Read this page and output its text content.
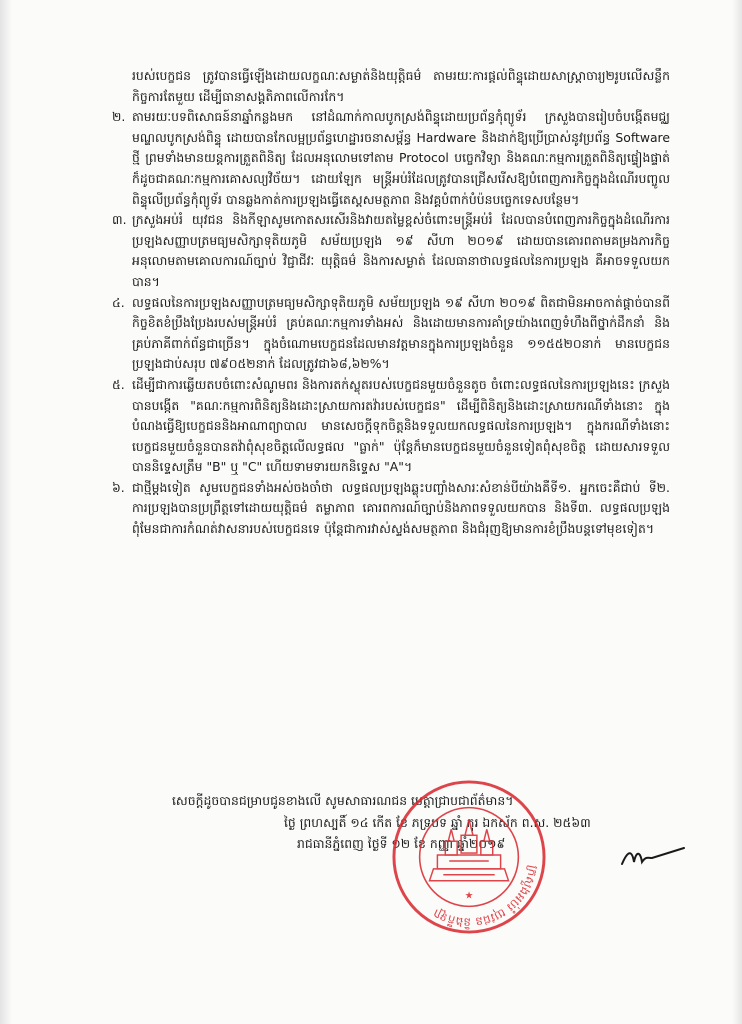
របស់បេក្ខជន ត្រូវបានធ្វើឡើងដោយលក្ខណៈសម្ងាត់និងយុត្តិធម៌ តាមរយៈការផ្ដល់ពិន្ទុដោយសាស្ត្រាចារ្យ២រូបលើសន្លឹកកិច្ចការតែមួយ ដើម្បីធានាសង្គតិភាពលើការកែ។

២. តាមរយៈបទពិសោធន៍នាឆ្នាំកន្លងមក នៅដំណាក់កាលបូកស្រង់ពិន្ទុដោយប្រព័ន្ធកុំព្យូទ័រ ក្រសួងបានរៀបចំបង្កើតមជ្ឈមណ្ឌលបូកស្រង់ពិន្ទុ ដោយបានកែលម្អប្រព័ន្ធហេដ្ឋារចនាសម្ព័ន្ធ Hardware និងដាក់ឱ្យប្រើប្រាស់នូវប្រព័ន្ធ Software ថ្មី ព្រមទាំងមានយន្តការត្រួតពិនិត្យ ដែលអនុលោមទៅតាម Protocol បច្ចេកវិទ្យា និងគណៈកម្មការត្រួតពិនិត្យផ្ទៀងផ្ទាត់ ក៏ដូចជាគណៈកម្មការគោសល្យវិច័យ។ ដោយឡែក មន្ត្រីអប់រំដែលត្រូវបានជ្រើសរើសឱ្យបំពេញភារកិច្ចក្នុងដំណើរបញ្ចូលពិន្ទុលើប្រព័ន្ធកុំព្យូទ័រ បានឆ្លងកាត់ការប្រឡងធ្វើតេស្តសមត្ថភាព និងវគ្គបំពាក់បំប៉នបច្ចេកទេសបន្ថែម។

៣. ក្រសួងអប់រំ យុវជន និងកីឡាសូមកោតសរសើរនិងវាយតម្លៃខ្ពស់ចំពោះមន្ត្រីអប់រំ ដែលបានបំពេញភារកិច្ចក្នុងដំណើរការប្រឡងសញ្ញាបត្រមធ្យមសិក្សាទុតិយភូមិ សម័យប្រឡង ១៩ សីហា ២០១៩ ដោយបានគោរពតាមគម្រងភារកិច្ច អនុលោមតាមគោលការណ៍ច្បាប់ វិជ្ជាជីវៈ យុត្តិធម៌ និងការសម្ងាត់ ដែលធានាថាលទ្ធផលនៃការប្រឡង គឺអាចទទួលយកបាន។

៤. លទ្ធផលនៃការប្រឡងសញ្ញាបត្រមធ្យមសិក្សាទុតិយភូមិ សម័យប្រឡង ១៩ សីហា ២០១៩ ពិតជាមិនអាចកាត់ផ្តាច់បានពីកិច្ចខិតខំប្រឹងប្រែងរបស់មន្ត្រីអប់រំ គ្រប់គណៈកម្មការទាំងអស់ និងដោយមានការគាំទ្រយ៉ាងពេញទំហឹងពីថ្នាក់ដឹកនាំ និងគ្រប់ភាគីពាក់ព័ន្ធជាច្រើន។ ក្នុងចំណោមបេក្ខជនដែលមានវត្តមានក្នុងការប្រឡងចំនួន ១១៥៥២០នាក់ មានបេក្ខជនប្រឡងជាប់សរុប ៧៩០៥២នាក់ ដែលត្រូវជា៦៨,៦២%។

៥. ដើម្បីជាការឆ្លើយតបចំពោះសំណូមពរ និងការតក់ស្លុតរបស់បេក្ខជនមួយចំនួនតូច ចំពោះលទ្ធផលនៃការប្រឡងនេះ ក្រសួងបានបង្កើត "គណៈកម្មការពិនិត្យនិងដោះស្រាយការតវ៉ារបស់បេក្ខជន" ដើម្បីពិនិត្យនិងដោះស្រាយករណីទាំងនោះ ក្នុងបំណងធ្វើឱ្យបេក្ខជននិងអាណាព្យាបាល មានសេចក្ដីទុកចិត្តនិងទទួលយកលទ្ធផលនៃការប្រឡង។ ក្នុងករណីទាំងនោះ បេក្ខជនមួយចំនួនបានតវ៉ាពុំសុខចិត្តលើលទ្ធផល "ធ្លាក់" ប៉ុន្តែក៏មានបេក្ខជនមួយចំនួនទៀតពុំសុខចិត្ត ដោយសារទទួលបាននិទ្ទេសត្រឹម "B" ឬ "C" ហើយទាមទារយកនិទ្ទេស "A"។

៦. ជាថ្មីម្តងទៀត សូមបេក្ខជនទាំងអស់ចងចាំថា លទ្ធផលប្រឡងឆ្លុះបញ្ចាំងសារៈសំខាន់បីយ៉ាងគឺទី១. អ្នកចេះគឺជាប់ ទី២. ការប្រឡងបានប្រព្រឹត្តទៅដោយយុត្តិធម៌ តម្លាភាព គោរពការណ៍ច្បាប់និងភាពទទួលយកបាន និងទី៣. លទ្ធផលប្រឡងពុំមែនជាការកំណត់វាសនារបស់បេក្ខជនទេ ប៉ុន្តែជាការវាស់ស្ទង់សមត្ថភាព និងជំរុញឱ្យមានការខំប្រឹងបន្តទៅមុខទៀត។

សេចក្ដីដូចបានជម្រាបជូនខាងលើ សូមសាធារណជន មេត្តាជ្រាបជាព័ត៌មាន។
ថ្ងៃ ព្រហស្បតិ៍ ១៤ កើត ខែ ភទ្របទ ឆ្នាំ កុរ ឯកស័ក ព.ស. ២៥៦៣
រាជធានីភ្នំពេញ ថ្ងៃទី ១២ ខែ កញ្ញា ឆ្នាំ២០១៩
ក្រសួងអប់រំ យុវជន និងកីឡា
★
